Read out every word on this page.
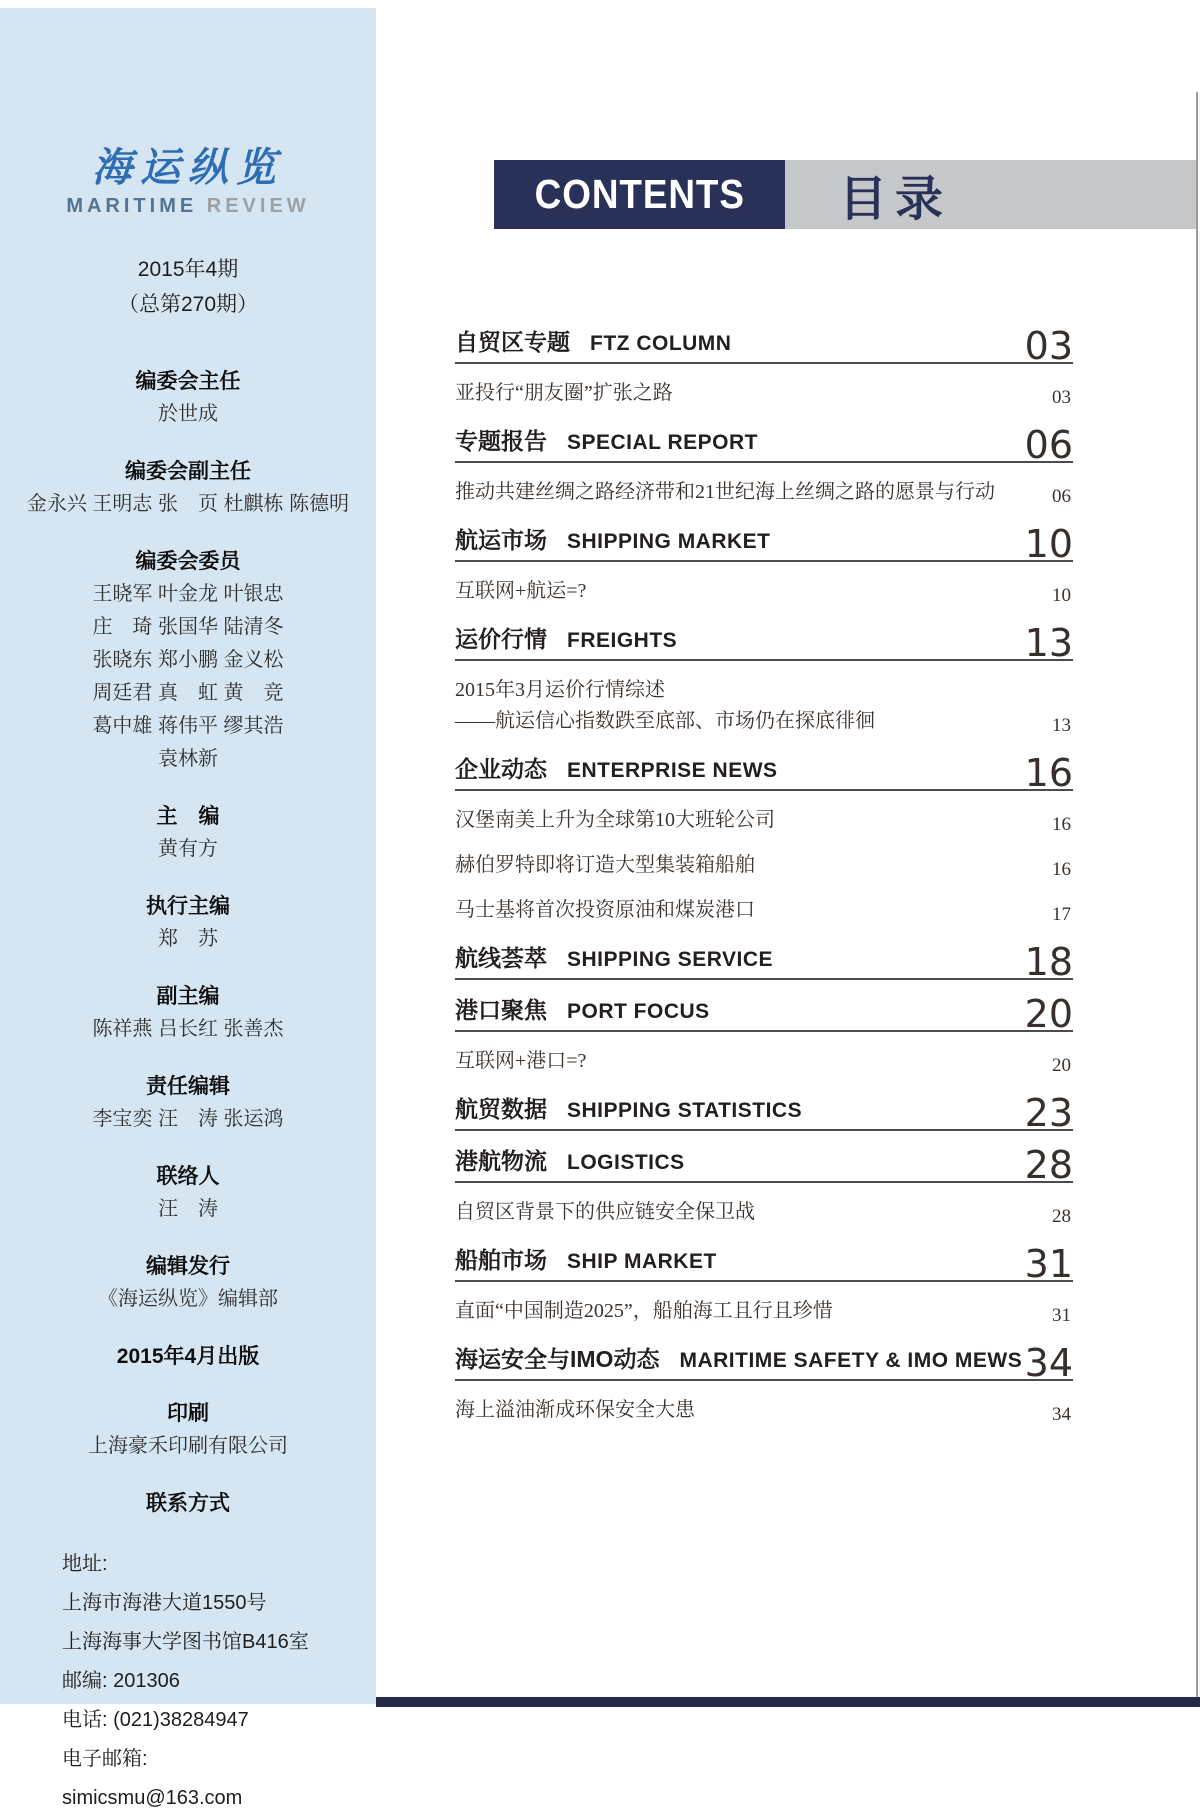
海运纵览
MARITIME REVIEW
2015年4期
（总第270期）
编委会主任
於世成
编委会副主任
金永兴 王明志 张　页 杜麒栋 陈德明
编委会委员
王晓军 叶金龙 叶银忠
庄　琦 张国华 陆清冬
张晓东 郑小鹏 金义松
周廷君 真　虹 黄　竞
葛中雄 蒋伟平 缪其浩
袁林新
主　编
黄有方
执行主编
郑　苏
副主编
陈祥燕 吕长红 张善杰
责任编辑
李宝奕 汪　涛 张运鸿
联络人
汪　涛
编辑发行
《海运纵览》编辑部
2015年4月出版
印刷
上海豪禾印刷有限公司
联系方式
地址:
上海市海港大道1550号
上海海事大学图书馆B416室
邮编: 201306
电话: (021)38284947
电子邮箱:
simicsmu@163.com
CONTENTS 目录
自贸区专题 FTZ COLUMN	03
亚投行“朋友圈”扩张之路	03
专题报告 SPECIAL REPORT	06
推动共建丝绸之路经济带和21世纪海上丝绸之路的愿景与行动	06
航运市场 SHIPPING MARKET	10
互联网+航运=?	10
运价行情 FREIGHTS	13
2015年3月运价行情综述
——航运信心指数跌至底部、市场仍在探底徘徊	13
企业动态 ENTERPRISE NEWS	16
汉堡南美上升为全球第10大班轮公司	16
赫伯罗特即将订造大型集装箱船舶	16
马士基将首次投资原油和煤炭港口	17
航线荟萃 SHIPPING SERVICE	18
港口聚焦 PORT FOCUS	20
互联网+港口=?	20
航贸数据 SHIPPING STATISTICS	23
港航物流 LOGISTICS	28
自贸区背景下的供应链安全保卫战	28
船舶市场 SHIP MARKET	31
直面“中国制造2025”，船舶海工且行且珍惜	31
海运安全与IMO动态 MARITIME SAFETY & IMO MEWS 34
海上溢油渐成环保安全大患	34
